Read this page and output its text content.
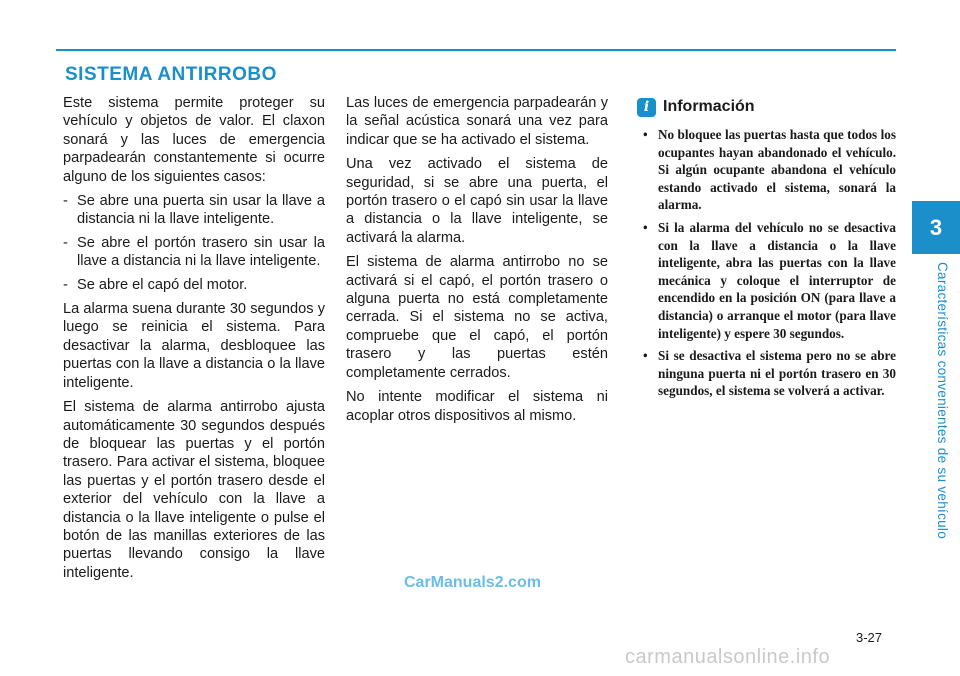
3
Características convenientes de su vehículo
SISTEMA ANTIRROBO

Este sistema permite proteger su vehículo y objetos de valor. El claxon sonará y las luces de emergencia parpadearán constantemente si ocurre alguno de los siguientes casos:

- Se abre una puerta sin usar la llave a distancia ni la llave inteligente.
- Se abre el portón trasero sin usar la llave a distancia ni la llave inteligente.
- Se abre el capó del motor.

La alarma suena durante 30 segundos y luego se reinicia el sistema. Para desactivar la alarma, desbloquee las puertas con la llave a distancia o la llave inteligente.

El sistema de alarma antirrobo ajusta automáticamente 30 segundos después de bloquear las puertas y el portón trasero. Para activar el sistema, bloquee las puertas y el portón trasero desde el exterior del vehículo con la llave a distancia o la llave inteligente o pulse el botón de las manillas exteriores de las puertas llevando consigo la llave inteligente.

Las luces de emergencia parpadearán y la señal acústica sonará una vez para indicar que se ha activado el sistema.

Una vez activado el sistema de seguridad, si se abre una puerta, el portón trasero o el capó sin usar la llave a distancia o la llave inteligente, se activará la alarma.

El sistema de alarma antirrobo no se activará si el capó, el portón trasero o alguna puerta no está completamente cerrada. Si el sistema no se activa, compruebe que el capó, el portón trasero y las puertas estén completamente cerrados.

No intente modificar el sistema ni acoplar otros dispositivos al mismo.

i Información
• No bloquee las puertas hasta que todos los ocupantes hayan abandonado el vehículo. Si algún ocupante abandona el vehículo estando activado el sistema, sonará la alarma.
• Si la alarma del vehículo no se desactiva con la llave a distancia o la llave inteligente, abra las puertas con la llave mecánica y coloque el interruptor de encendido en la posición ON (para llave a distancia) o arranque el motor (para llave inteligente) y espere 30 segundos.
• Si se desactiva el sistema pero no se abre ninguna puerta ni el portón trasero en 30 segundos, el sistema se volverá a activar.
CarManuals2.com
3-27
carmanualsonline.info
